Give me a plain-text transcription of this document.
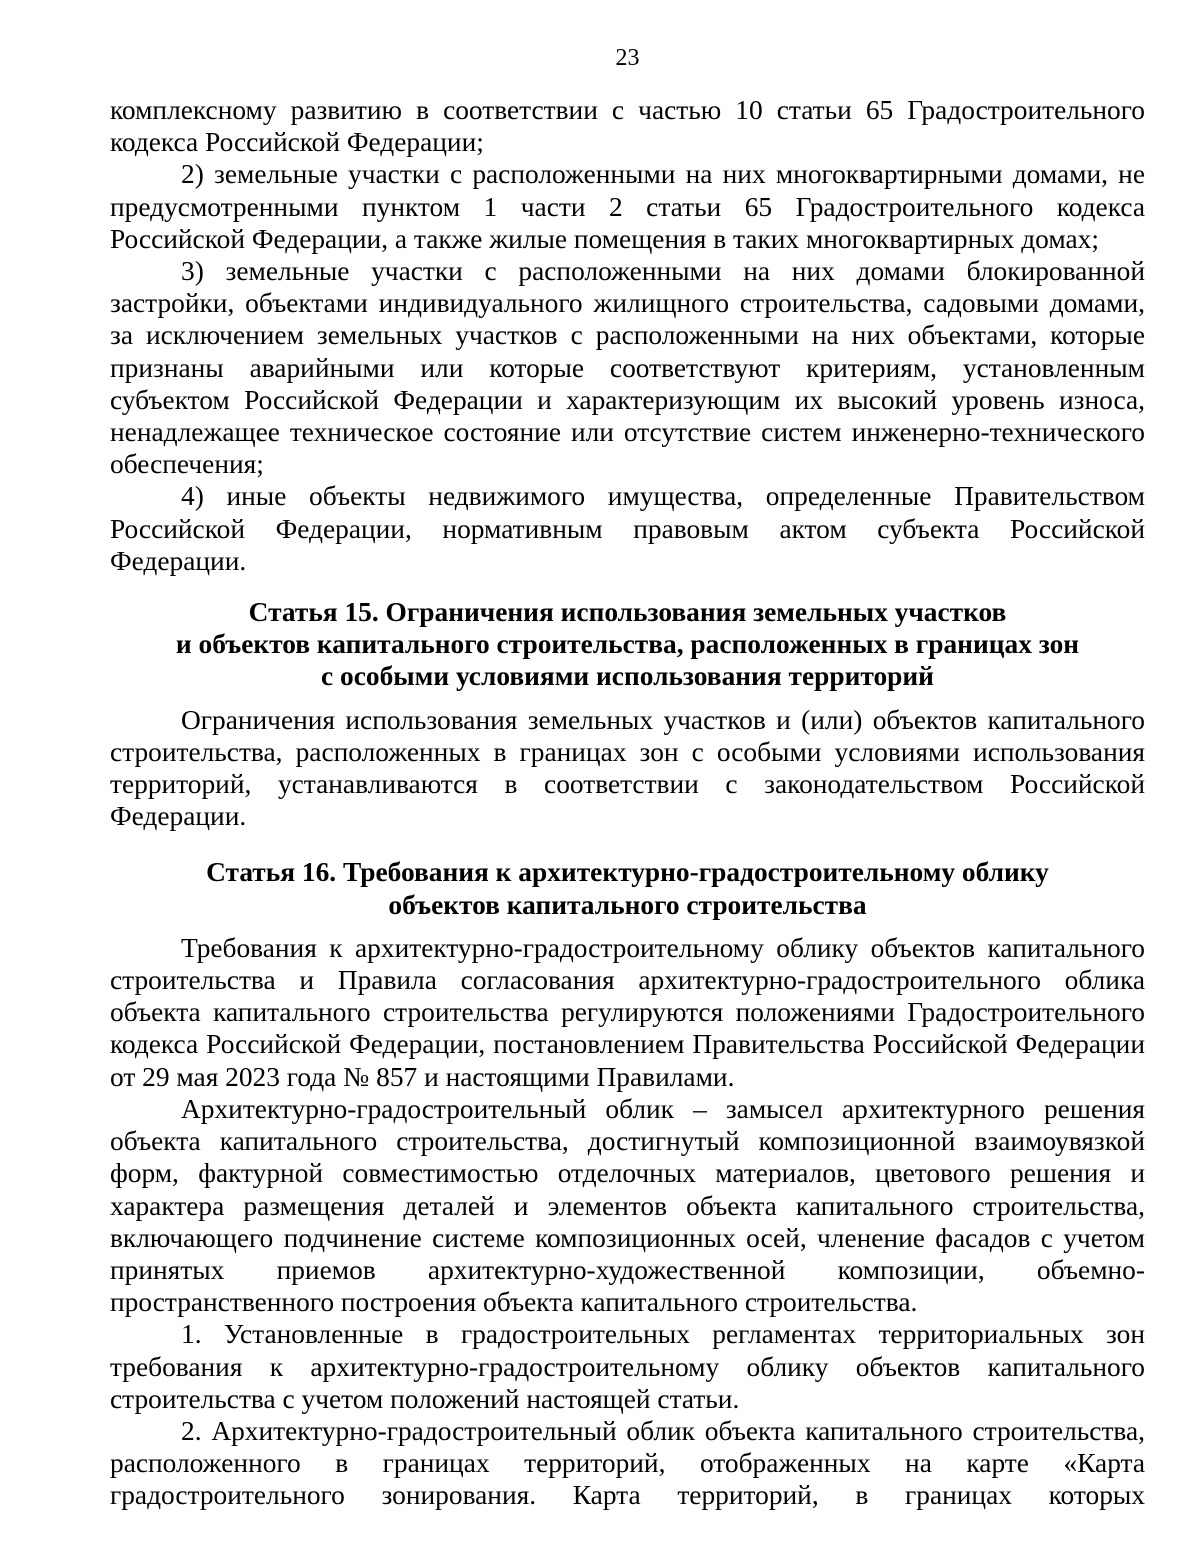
23

комплексному развитию в соответствии с частью 10 статьи 65 Градостроительного кодекса Российской Федерации;

2) земельные участки с расположенными на них многоквартирными домами, не предусмотренными пунктом 1 части 2 статьи 65 Градостроительного кодекса Российской Федерации, а также жилые помещения в таких многоквартирных домах;

3) земельные участки с расположенными на них домами блокированной застройки, объектами индивидуального жилищного строительства, садовыми домами, за исключением земельных участков с расположенными на них объектами, которые признаны аварийными или которые соответствуют критериям, установленным субъектом Российской Федерации и характеризующим их высокий уровень износа, ненадлежащее техническое состояние или отсутствие систем инженерно-технического обеспечения;

4) иные объекты недвижимого имущества, определенные Правительством Российской Федерации, нормативным правовым актом субъекта Российской Федерации.

Статья 15. Ограничения использования земельных участков
и объектов капитального строительства, расположенных в границах зон
с особыми условиями использования территорий

Ограничения использования земельных участков и (или) объектов капитального строительства, расположенных в границах зон с особыми условиями использования территорий, устанавливаются в соответствии с законодательством Российской Федерации.

Статья 16. Требования к архитектурно-градостроительному облику
объектов капитального строительства

Требования к архитектурно-градостроительному облику объектов капитального строительства и Правила согласования архитектурно-градостроительного облика объекта капитального строительства регулируются положениями Градостроительного кодекса Российской Федерации, постановлением Правительства Российской Федерации от 29 мая 2023 года № 857 и настоящими Правилами.

Архитектурно-градостроительный облик – замысел архитектурного решения объекта капитального строительства, достигнутый композиционной взаимоувязкой форм, фактурной совместимостью отделочных материалов, цветового решения и характера размещения деталей и элементов объекта капитального строительства, включающего подчинение системе композиционных осей, членение фасадов с учетом принятых приемов архитектурно-художественной композиции, объемно-пространственного построения объекта капитального строительства.

1. Установленные в градостроительных регламентах территориальных зон требования к архитектурно-градостроительному облику объектов капитального строительства с учетом положений настоящей статьи.

2. Архитектурно-градостроительный облик объекта капитального строительства, расположенного в границах территорий, отображенных на карте «Карта градостроительного зонирования. Карта территорий, в границах которых
